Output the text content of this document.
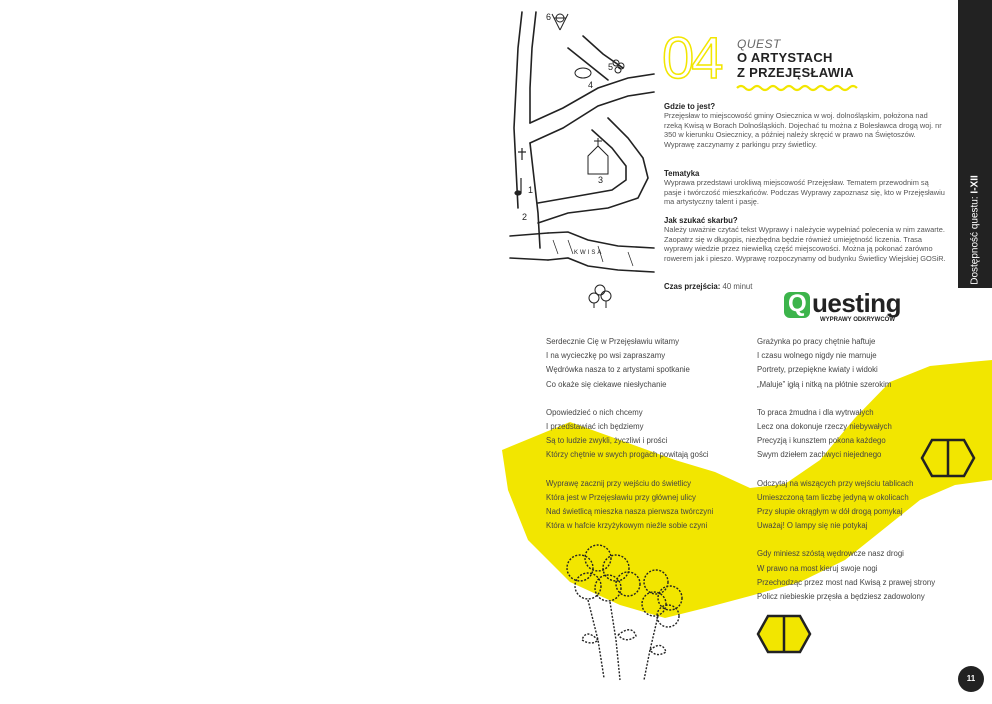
KWISA
6
4
5
3
2
1
Dostępność questu: I-XII
04 QUEST
O ARTYSTACH
Z PRZEJĘSŁAWIA
Gdzie to jest?

Przejęsław to miejscowość gminy Osiecznica w woj. dolnośląskim, położona nad rzeką Kwisą w Borach Dolnośląskich. Dojechać tu można z Bolesławca drogą woj. nr 350 w kierunku Osiecznicy, a później należy skręcić w prawo na Świętoszów. Wyprawę zaczynamy z parkingu przy świetlicy.

Tematyka

Wyprawa przedstawi urokliwą miejscowość Przejęsław. Tematem przewodnim są pasje i twórczość mieszkańców. Podczas Wyprawy zapoznasz się, kto w Przejęsławiu ma artystyczny talent i pasję.

Jak szukać skarbu?

Należy uważnie czytać tekst Wyprawy i należycie wypełniać polecenia w nim zawarte. Zaopatrz się w długopis, niezbędna będzie również umiejętność liczenia. Trasa wyprawy wiedzie przez niewielką część miejscowości. Można ją pokonać zarówno rowerem jak i pieszo. Wyprawę rozpoczynamy od budynku Świetlicy Wiejskiej GOSiR.

Czas przejścia: 40 minut
Q uesting
WYPRAWY ODKRYWCÓW
Serdecznie Cię w Przejęsławiu witamy
I na wycieczkę po wsi zapraszamy
Wędrówka nasza to z artystami spotkanie
Co okaże się ciekawe niesłychanie
Opowiedzieć o nich chcemy
I przedstawiać ich będziemy
Są to ludzie zwykli, życzliwi i prości
Którzy chętnie w swych progach powitają gości
Wyprawę zacznij przy wejściu do świetlicy
Która jest w Przejęsławiu przy głównej ulicy
Nad świetlicą mieszka nasza pierwsza twórczyni
Która w hafcie krzyżykowym nieźle sobie czyni
Grażynka po pracy chętnie haftuje
I czasu wolnego nigdy nie marnuje
Portrety, przepiękne kwiaty i widoki
„Maluje” igłą i nitką na płótnie szerokim
To praca żmudna i dla wytrwałych
Lecz ona dokonuje rzeczy niebywałych
Precyzją i kunsztem pokona każdego
Swym dziełem zachwyci niejednego
Odczytaj na wiszących przy wejściu tablicach
Umieszczoną tam liczbę jedyną w okolicach
Przy słupie okrągłym w dół drogą pomykaj
Uważaj! O lampy się nie potykaj
Gdy miniesz szóstą wędrowcze nasz drogi
W prawo na most kieruj swoje nogi
Przechodząc przez most nad Kwisą z prawej strony
Policz niebieskie przęsła a będziesz zadowolony
11
